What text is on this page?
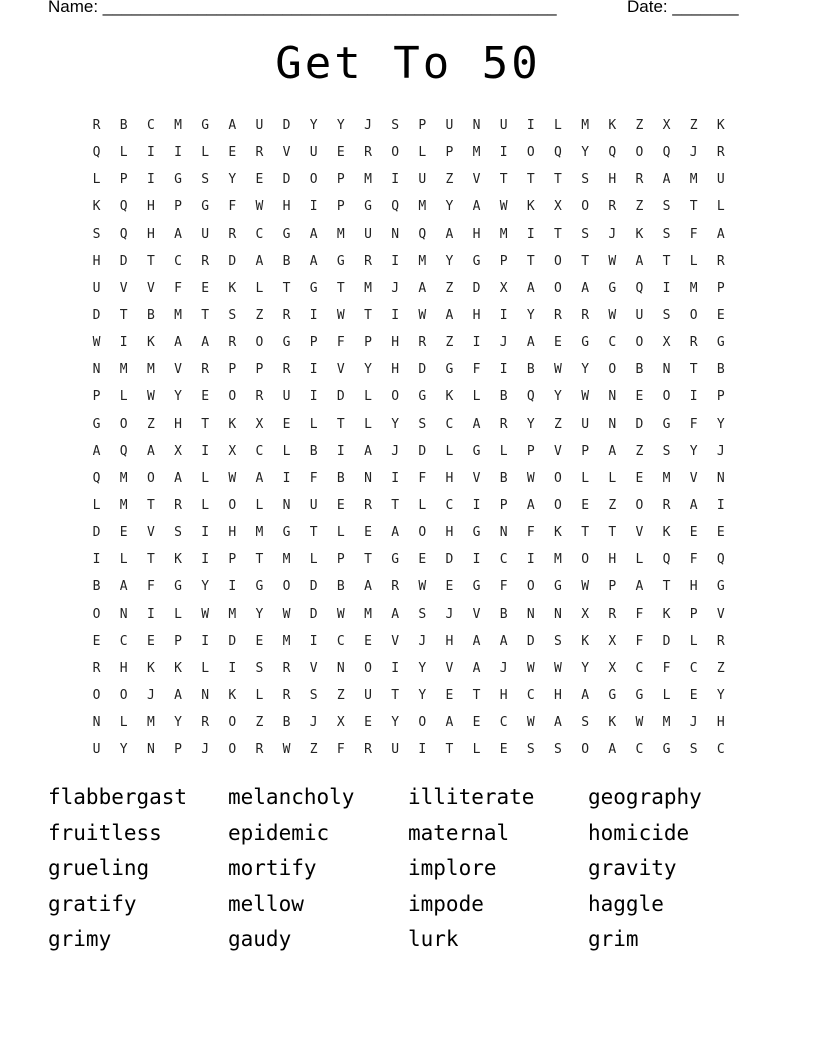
Name: ________________________________________________	Date: _______
Get To 50
R	B	C	M	G	A	U	D	Y	Y	J	S	P	U	N	U	I	L	M	K	Z	X	Z	K
Q	L	I	I	L	E	R	V	U	E	R	O	L	P	M	I	O	Q	Y	Q	O	Q	J	R
L	P	I	G	S	Y	E	D	O	P	M	I	U	Z	V	T	T	T	S	H	R	A	M	U
K	Q	H	P	G	F	W	H	I	P	G	Q	M	Y	A	W	K	X	O	R	Z	S	T	L
S	Q	H	A	U	R	C	G	A	M	U	N	Q	A	H	M	I	T	S	J	K	S	F	A
H	D	T	C	R	D	A	B	A	G	R	I	M	Y	G	P	T	O	T	W	A	T	L	R
U	V	V	F	E	K	L	T	G	T	M	J	A	Z	D	X	A	O	A	G	Q	I	M	P
D	T	B	M	T	S	Z	R	I	W	T	I	W	A	H	I	Y	R	R	W	U	S	O	E
W	I	K	A	A	R	O	G	P	F	P	H	R	Z	I	J	A	E	G	C	O	X	R	G
N	M	M	V	R	P	P	R	I	V	Y	H	D	G	F	I	B	W	Y	O	B	N	T	B
P	L	W	Y	E	O	R	U	I	D	L	O	G	K	L	B	Q	Y	W	N	E	O	I	P
G	O	Z	H	T	K	X	E	L	T	L	Y	S	C	A	R	Y	Z	U	N	D	G	F	Y
A	Q	A	X	I	X	C	L	B	I	A	J	D	L	G	L	P	V	P	A	Z	S	Y	J
Q	M	O	A	L	W	A	I	F	B	N	I	F	H	V	B	W	O	L	L	E	M	V	N
L	M	T	R	L	O	L	N	U	E	R	T	L	C	I	P	A	O	E	Z	O	R	A	I
D	E	V	S	I	H	M	G	T	L	E	A	O	H	G	N	F	K	T	T	V	K	E	E
I	L	T	K	I	P	T	M	L	P	T	G	E	D	I	C	I	M	O	H	L	Q	F	Q
B	A	F	G	Y	I	G	O	D	B	A	R	W	E	G	F	O	G	W	P	A	T	H	G
O	N	I	L	W	M	Y	W	D	W	M	A	S	J	V	B	N	N	X	R	F	K	P	V
E	C	E	P	I	D	E	M	I	C	E	V	J	H	A	A	D	S	K	X	F	D	L	R
R	H	K	K	L	I	S	R	V	N	O	I	Y	V	A	J	W	W	Y	X	C	F	C	Z
O	O	J	A	N	K	L	R	S	Z	U	T	Y	E	T	H	C	H	A	G	G	L	E	Y
N	L	M	Y	R	O	Z	B	J	X	E	Y	O	A	E	C	W	A	S	K	W	M	J	H
U	Y	N	P	J	O	R	W	Z	F	R	U	I	T	L	E	S	S	O	A	C	G	S	C
flabbergast	melancholy	illiterate	geography
fruitless	epidemic	maternal	homicide
grueling	mortify	implore	gravity
gratify	mellow	impode	haggle
grimy	gaudy	lurk	grim
